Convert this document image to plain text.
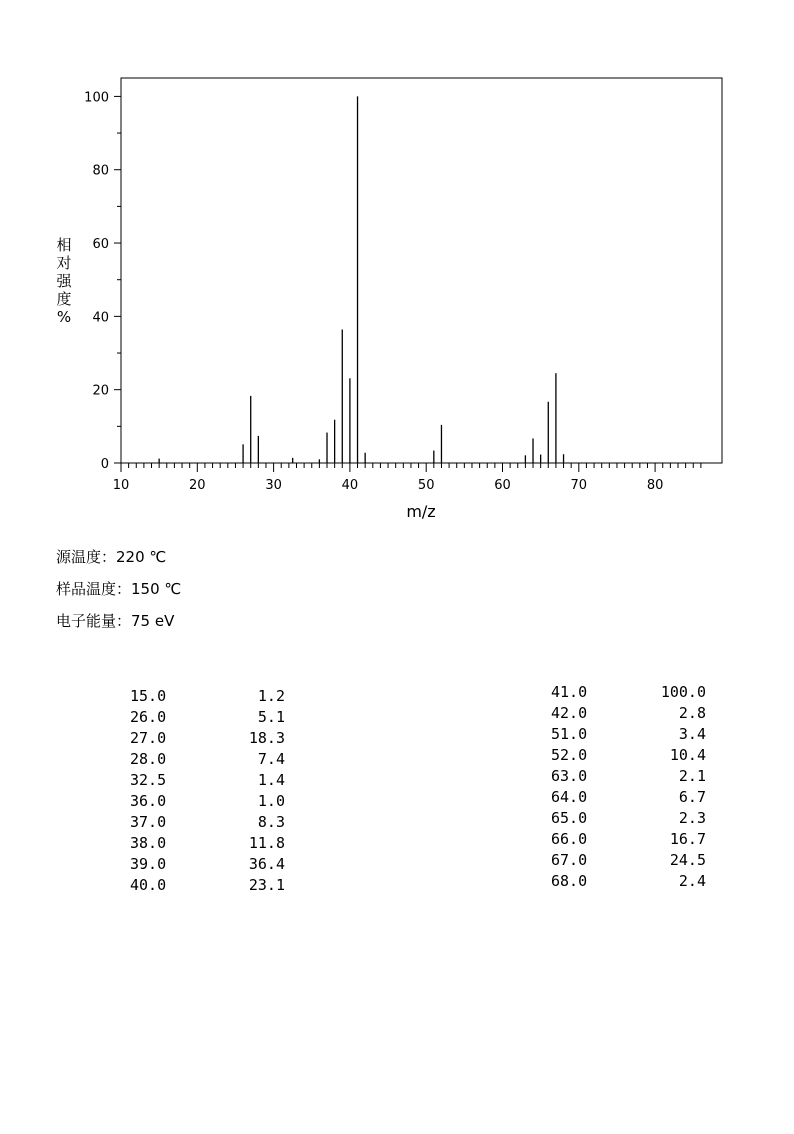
0
20
40
60
80
100
10	20	30	40	50	60	70	80
m/z
相
对
强
度
%
源温度：220 ℃
样品温度：150 ℃
电子能量：75 eV
15.0	1.2
26.0	5.1
27.0	18.3
28.0	7.4
32.5	1.4
36.0	1.0
37.0	8.3
38.0	11.8
39.0	36.4
40.0	23.1
41.0	100.0
42.0	2.8
51.0	3.4
52.0	10.4
63.0	2.1
64.0	6.7
65.0	2.3
66.0	16.7
67.0	24.5
68.0	2.4
